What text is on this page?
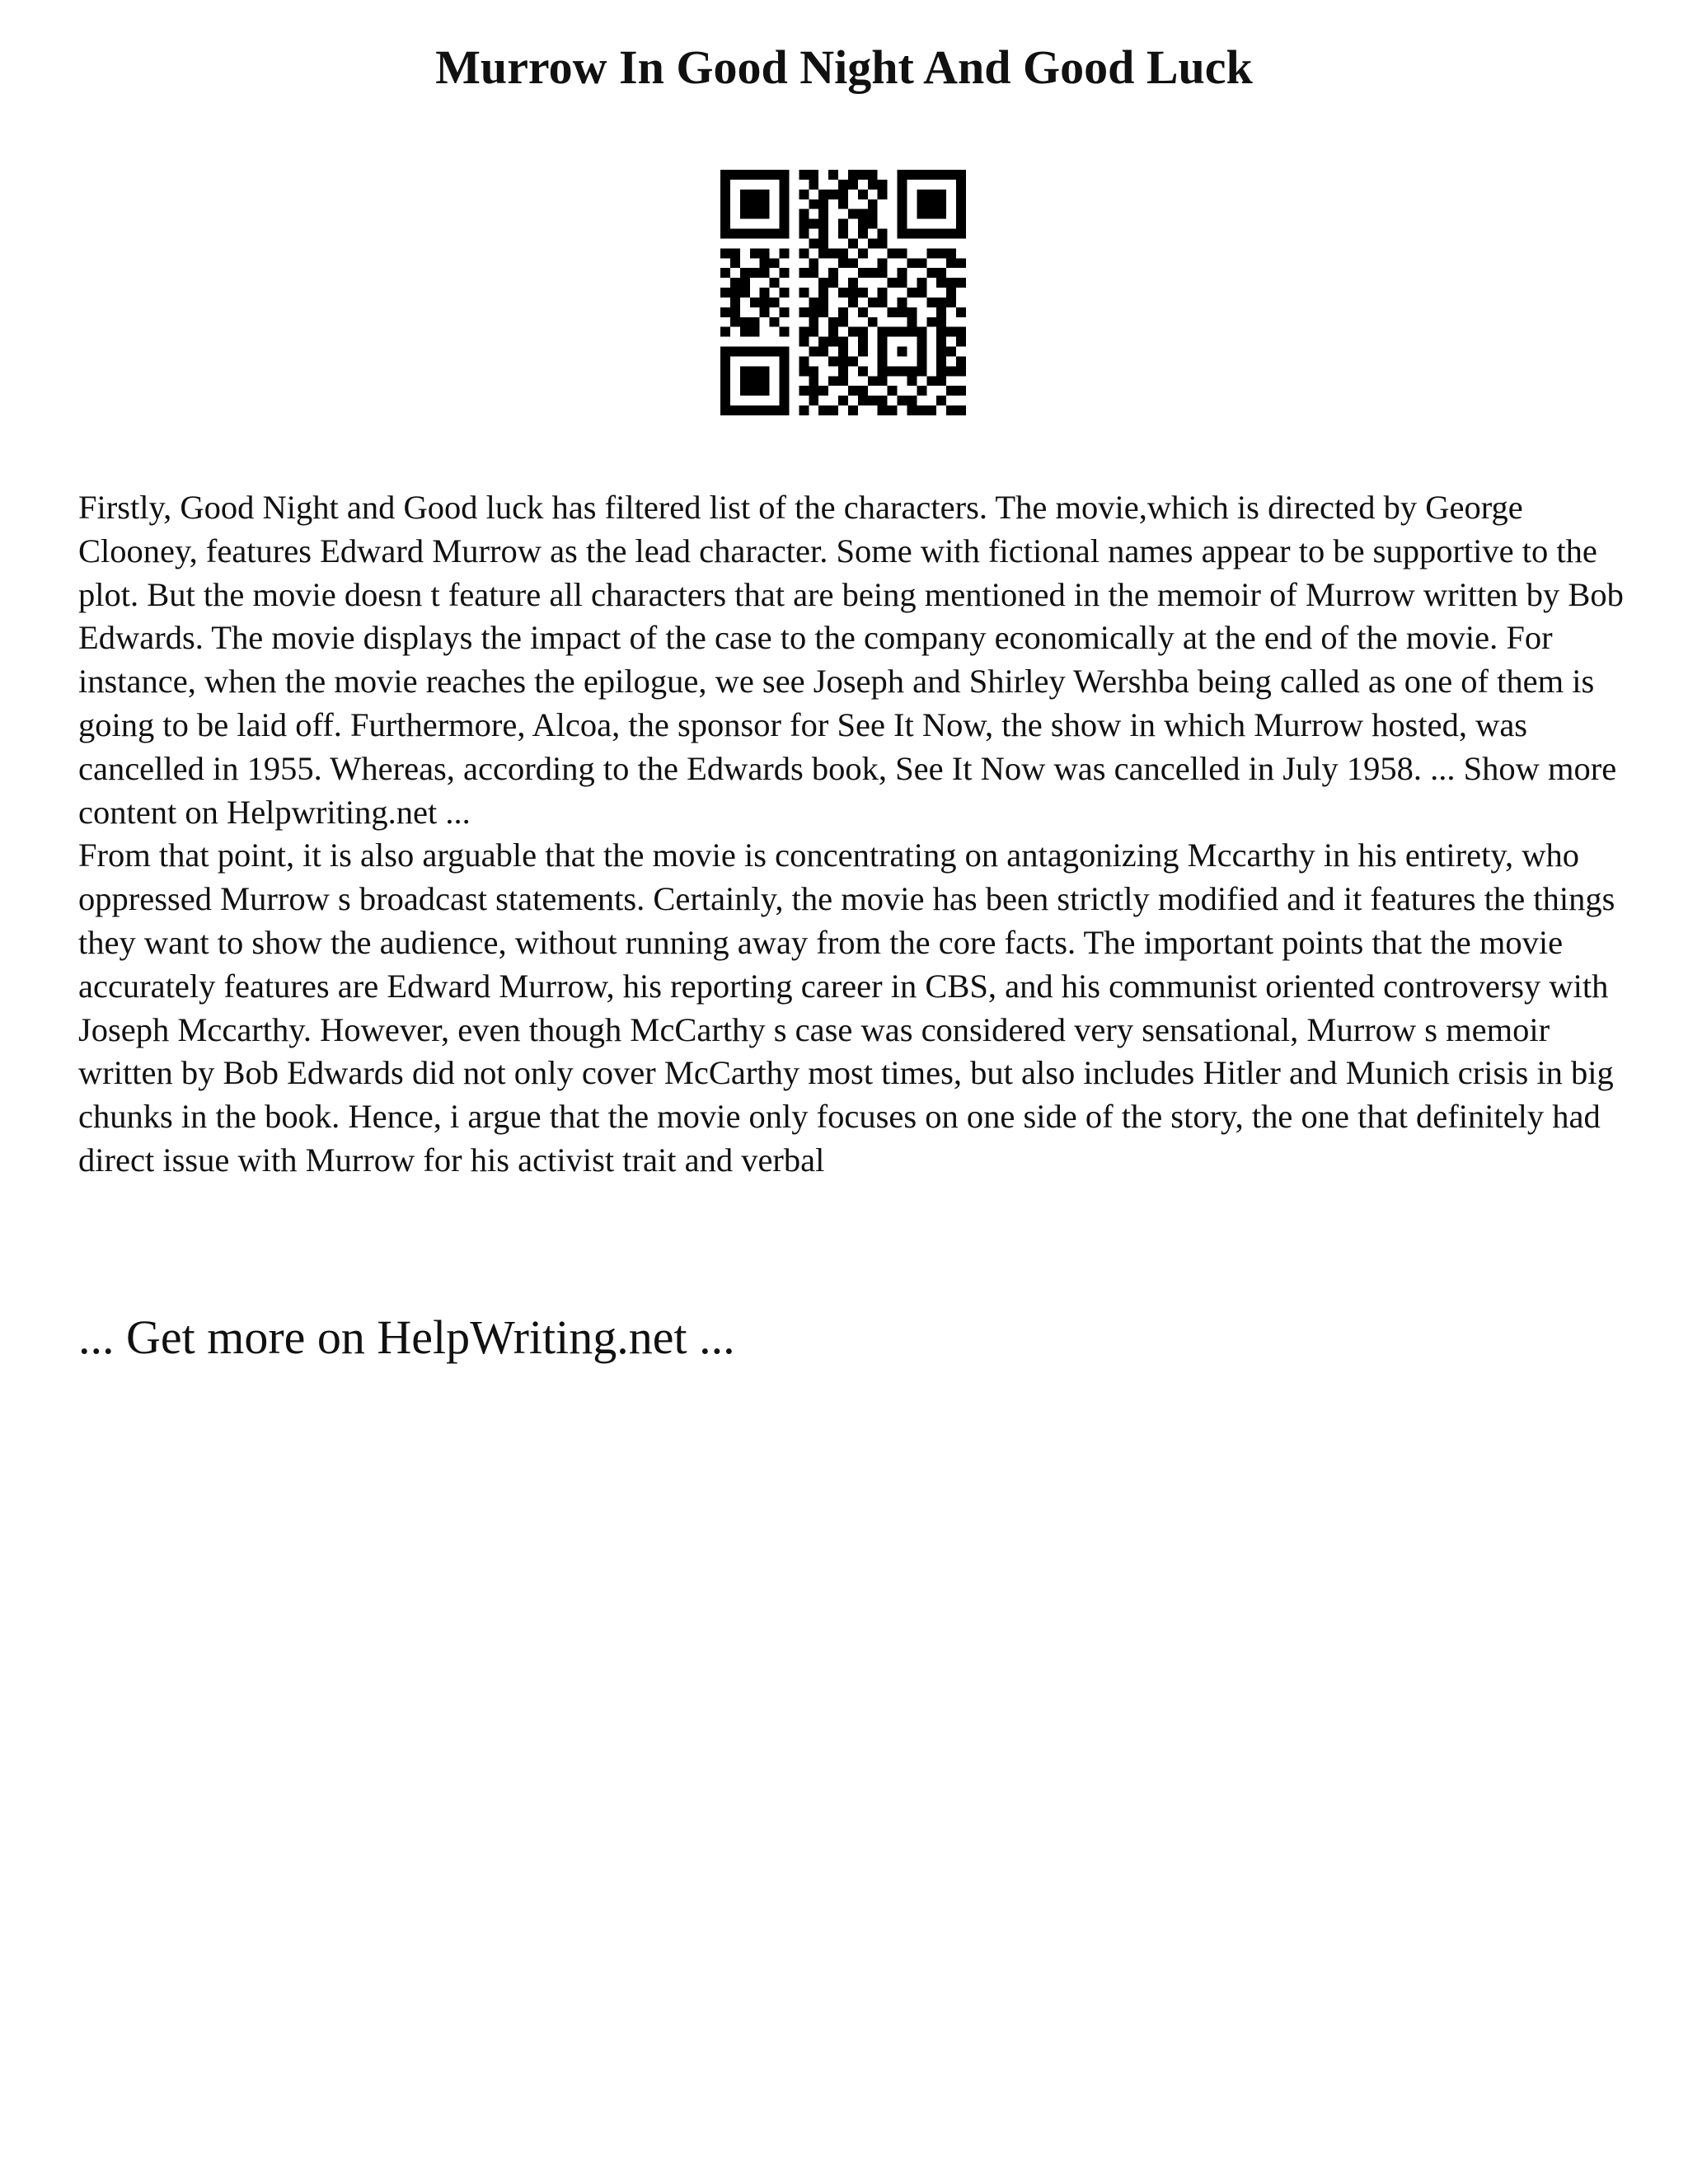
Murrow In Good Night And Good Luck

Firstly, Good Night and Good luck has filtered list of the characters. The movie,which is directed by George Clooney, features Edward Murrow as the lead character. Some with fictional names appear to be supportive to the plot. But the movie doesn t feature all characters that are being mentioned in the memoir of Murrow written by Bob Edwards. The movie displays the impact of the case to the company economically at the end of the movie. For instance, when the movie reaches the epilogue, we see Joseph and Shirley Wershba being called as one of them is going to be laid off. Furthermore, Alcoa, the sponsor for See It Now, the show in which Murrow hosted, was cancelled in 1955. Whereas, according to the Edwards book, See It Now was cancelled in July 1958. ... Show more content on Helpwriting.net ...

From that point, it is also arguable that the movie is concentrating on antagonizing Mccarthy in his entirety, who oppressed Murrow s broadcast statements. Certainly, the movie has been strictly modified and it features the things they want to show the audience, without running away from the core facts. The important points that the movie accurately features are Edward Murrow, his reporting career in CBS, and his communist oriented controversy with Joseph Mccarthy. However, even though McCarthy s case was considered very sensational, Murrow s memoir written by Bob Edwards did not only cover McCarthy most times, but also includes Hitler and Munich crisis in big chunks in the book. Hence, i argue that the movie only focuses on one side of the story, the one that definitely had direct issue with Murrow for his activist trait and verbal

... Get more on HelpWriting.net ...
